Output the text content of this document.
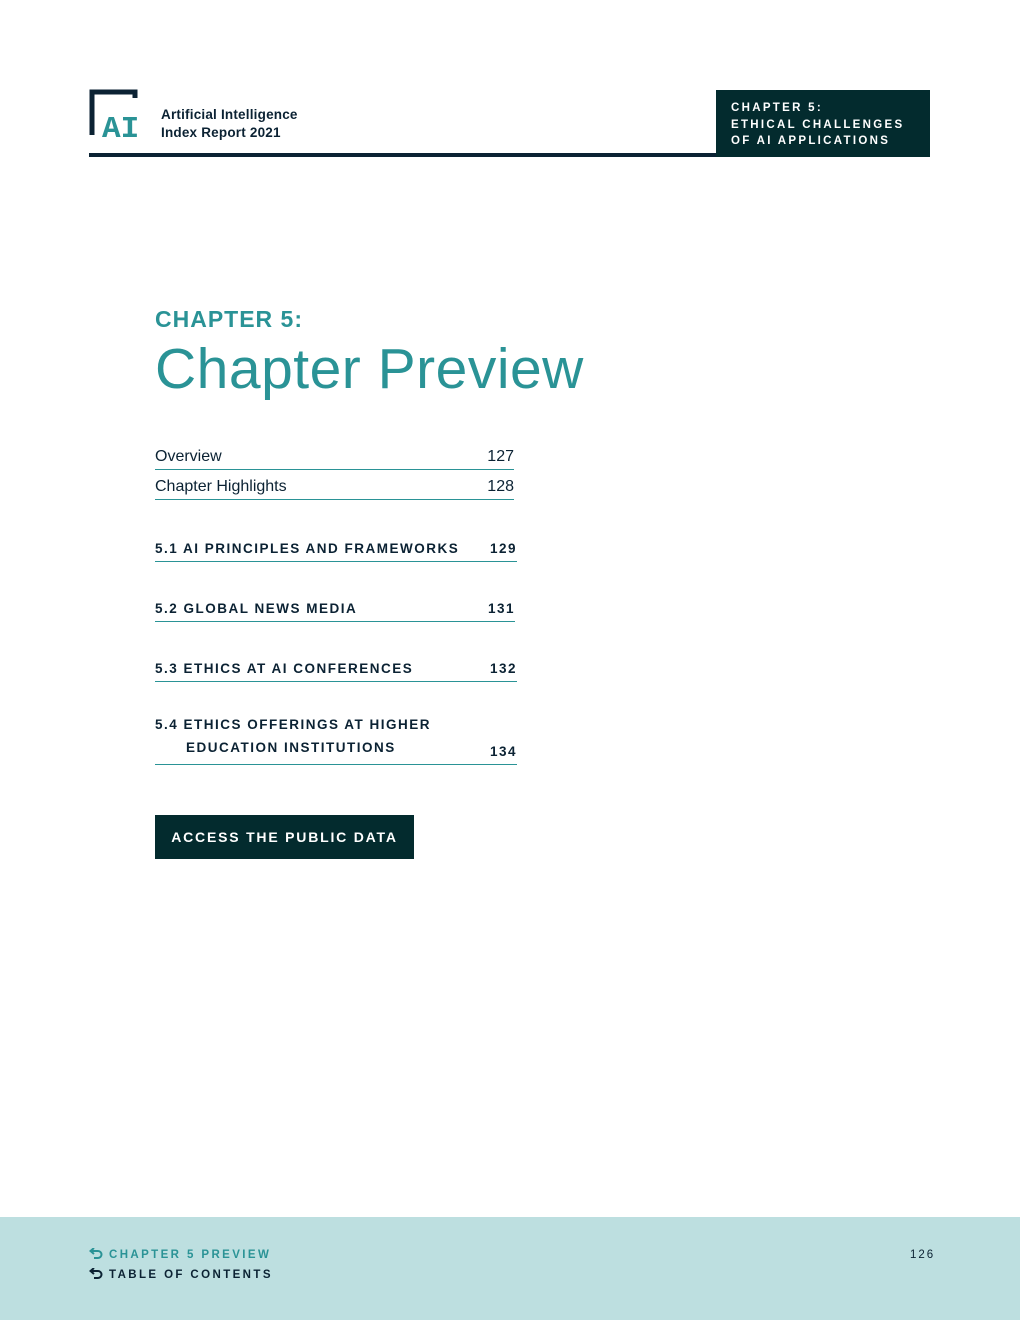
AI Artificial Intelligence
Index Report 2021
CHAPTER 5:
ETHICAL CHALLENGES
OF AI APPLICATIONS
CHAPTER 5:
Chapter Preview
Overview	127
Chapter Highlights	128
5.1 AI PRINCIPLES AND FRAMEWORKS 129
5.2 GLOBAL NEWS MEDIA	131
5.3 ETHICS AT AI CONFERENCES	132
5.4 ETHICS OFFERINGS AT HIGHER
EDUCATION INSTITUTIONS	134
ACCESS THE PUBLIC DATA
CHAPTER 5 PREVIEW
TABLE OF CONTENTS
126
